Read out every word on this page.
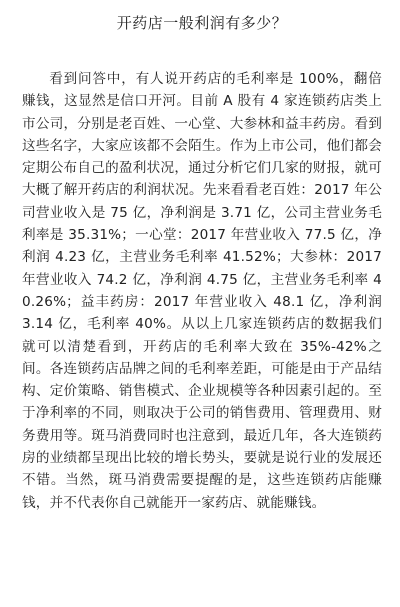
开药店一般利润有多少？

看到问答中，有人说开药店的毛利率是 100%，翻倍赚钱，这显然是信口开河。目前 A 股有 4 家连锁药店类上市公司，分别是老百姓、一心堂、大参林和益丰药房。看到这些名字，大家应该都不会陌生。作为上市公司，他们都会定期公布自己的盈利状况，通过分析它们几家的财报，就可大概了解开药店的利润状况。先来看看老百姓：2017 年公司营业收入是 75 亿，净利润是 3.71 亿，公司主营业务毛利率是 35.31%；一心堂：2017 年营业收入 77.5 亿，净利润 4.23 亿，主营业务毛利率 41.52%；大参林：2017 年营业收入 74.2 亿，净利润 4.75 亿，主营业务毛利率 40.26%；益丰药房：2017 年营业收入 48.1 亿，净利润 3.14 亿，毛利率 40%。从以上几家连锁药店的数据我们就可以清楚看到，开药店的毛利率大致在 35%-42%之间。各连锁药店品牌之间的毛利率差距，可能是由于产品结构、定价策略、销售模式、企业规模等各种因素引起的。至于净利率的不同，则取决于公司的销售费用、管理费用、财务费用等。斑马消费同时也注意到，最近几年，各大连锁药房的业绩都呈现出比较的增长势头，要就是说行业的发展还不错。当然，斑马消费需要提醒的是，这些连锁药店能赚钱，并不代表你自己就能开一家药店、就能赚钱。
